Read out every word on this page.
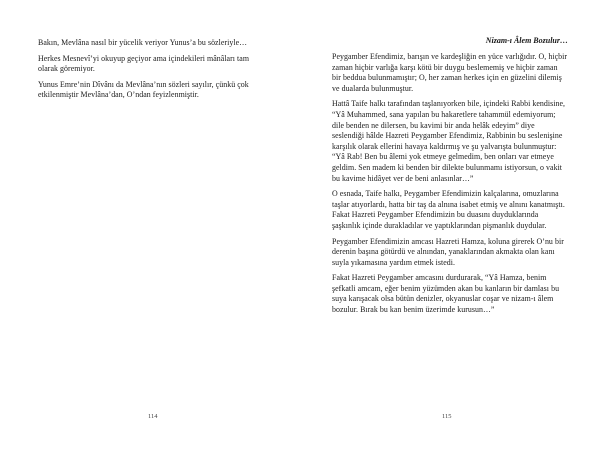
Bakın, Mevlâna nasıl bir yücelik veriyor Yunus’a bu sözleriyle…

Herkes Mesnevî’yi okuyup geçiyor ama içindekileri mânâları tam olarak göremiyor.

Yunus Emre’nin Dîvânı da Mevlâna’nın sözleri sayılır, çünkü çok etkilenmiştir Mevlâna’dan, O’ndan feyizlenmiştir.

114
Nizam-ı Âlem Bozulur…

Peygamber Efendimiz, barışın ve kardeşliğin en yüce varlığıdır. O, hiçbir zaman hiçbir varlığa karşı kötü bir duygu beslememiş ve hiçbir zaman bir beddua bulunmamıştır; O, her zaman herkes için en güzelini dilemiş ve dualarda bulunmuştur.

Hattâ Taife halkı tarafından taşlanıyorken bile, içindeki Rabbi kendisine, “Yâ Muhammed, sana yapılan bu hakaretlere tahammül edemiyorum; dile benden ne dilersen, bu kavimi bir anda helâk edeyim” diye seslendiği hâlde Hazreti Peygamber Efendimiz, Rabbinin bu seslenişine karşılık olarak ellerini havaya kaldırmış ve şu yalvarışta bulunmuştur: “Yâ Rab! Ben bu âlemi yok etmeye gelmedim, ben onları var etmeye geldim. Sen madem ki benden bir dilekte bulunmamı istiyorsun, o vakit bu kavime hidâyet ver de beni anlasınlar…”

O esnada, Taife halkı, Peygamber Efendimizin kalçalarına, omuzlarına taşlar atıyorlardı, hatta bir taş da alnına isabet etmiş ve alnını kanatmıştı. Fakat Hazreti Peygamber Efendimizin bu duasını duyduklarında şaşkınlık içinde durakladılar ve yaptıklarından pişmanlık duydular.

Peygamber Efendimizin amcası Hazreti Hamza, koluna girerek O’nu bir derenin başına götürdü ve alnından, yanaklarından akmakta olan kanı suyla yıkamasına yardım etmek istedi.

Fakat Hazreti Peygamber amcasını durdurarak, “Yâ Hamza, benim şefkatli amcam, eğer benim yüzümden akan bu kanların bir damlası bu suya karışacak olsa bütün denizler, okyanuslar coşar ve nizam-ı âlem bozulur. Bırak bu kan benim üzerimde kurusun…”

115
